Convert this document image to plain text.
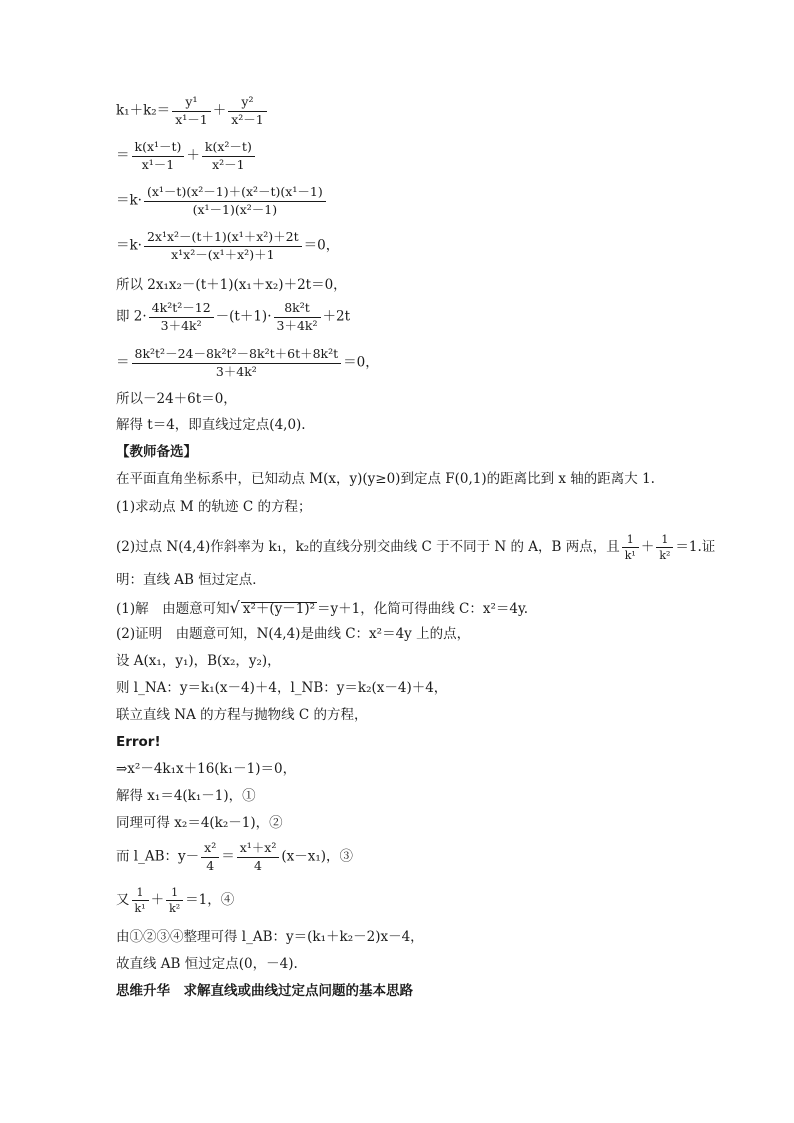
$k_1+k_2= \frac{\text{y¹}}{\text{x¹－1}} + \frac{\text{y²}}{\text{x²－1}}$
＝ $\frac{\text{k(x¹－t)}}{\text{x¹－1}} + \frac{\text{k(x²－t)}}{\text{x²－1}}$
$=k\cdot \frac{\text{(x¹－t)(x²－1)＋(x²－t)(x¹－1)}}{\text{(x¹－1)(x²－1)}}$
$=k\cdot \frac{\text{2x¹x²－(t＋1)(x¹＋x²)＋2t}}{\text{x¹x²－(x¹＋x²)＋1}} =0$，
所以 2x₁x₂－(t＋1)(x₁＋x₂)＋2t＝0，
即 $2\cdot \frac{\text{4k²t²－12}}{\text{3＋4k²}} -(t+1)\cdot \frac{\text{8k²t}}{\text{3＋4k²}} +2t$
＝ $\frac{\text{8k²t²－24－8k²t²－8k²t＋6t＋8k²t}}{\text{3＋4k²}} =0$，
所以－24＋6t＝0，
解得 t＝4，即直线过定点(4,0).
【教师备选】
在平面直角坐标系中，已知动点 M(x，y)(y≥0)到定点 F(0,1)的距离比到 x 轴的距离大 1.
(1)求动点 M 的轨迹 C 的方程；
(2)过点 N(4,4)作斜率为 k₁，k₂的直线分别交曲线 C 于不同于 N 的 A，B 两点，且 $\frac{1}{\text{k¹}} + \frac{1}{\text{k²}} =1$.证
明：直线 AB 恒过定点．
(1)解　由题意可知√ x²＋(y－1)² ＝y＋1，化简可得曲线 C：x²＝4y.
(2)证明　由题意可知，N(4,4)是曲线 C：x²＝4y 上的点，
设 A(x₁，y₁)，B(x₂，y₂)，
则 l_NA：y＝k₁(x－4)＋4，l_NB：y＝k₂(x－4)＋4，
联立直线 NA 的方程与抛物线 C 的方程，
Error!
⇒x²－4k₁x＋16(k₁－1)＝0，
解得 x₁＝4(k₁－1)，①
同理可得 x₂＝4(k₂－1)，②
而 l_AB：$y- \frac{\text{x²}}{4} = \frac{\text{x¹＋x²}}{4} (x-x_1)$，③
又 $\frac{1}{\text{k¹}} + \frac{1}{\text{k²}} =1$，④
由①②③④整理可得 l_AB：y＝(k₁＋k₂－2)x－4，
故直线 AB 恒过定点(0，－4).
思维升华　求解直线或曲线过定点问题的基本思路
